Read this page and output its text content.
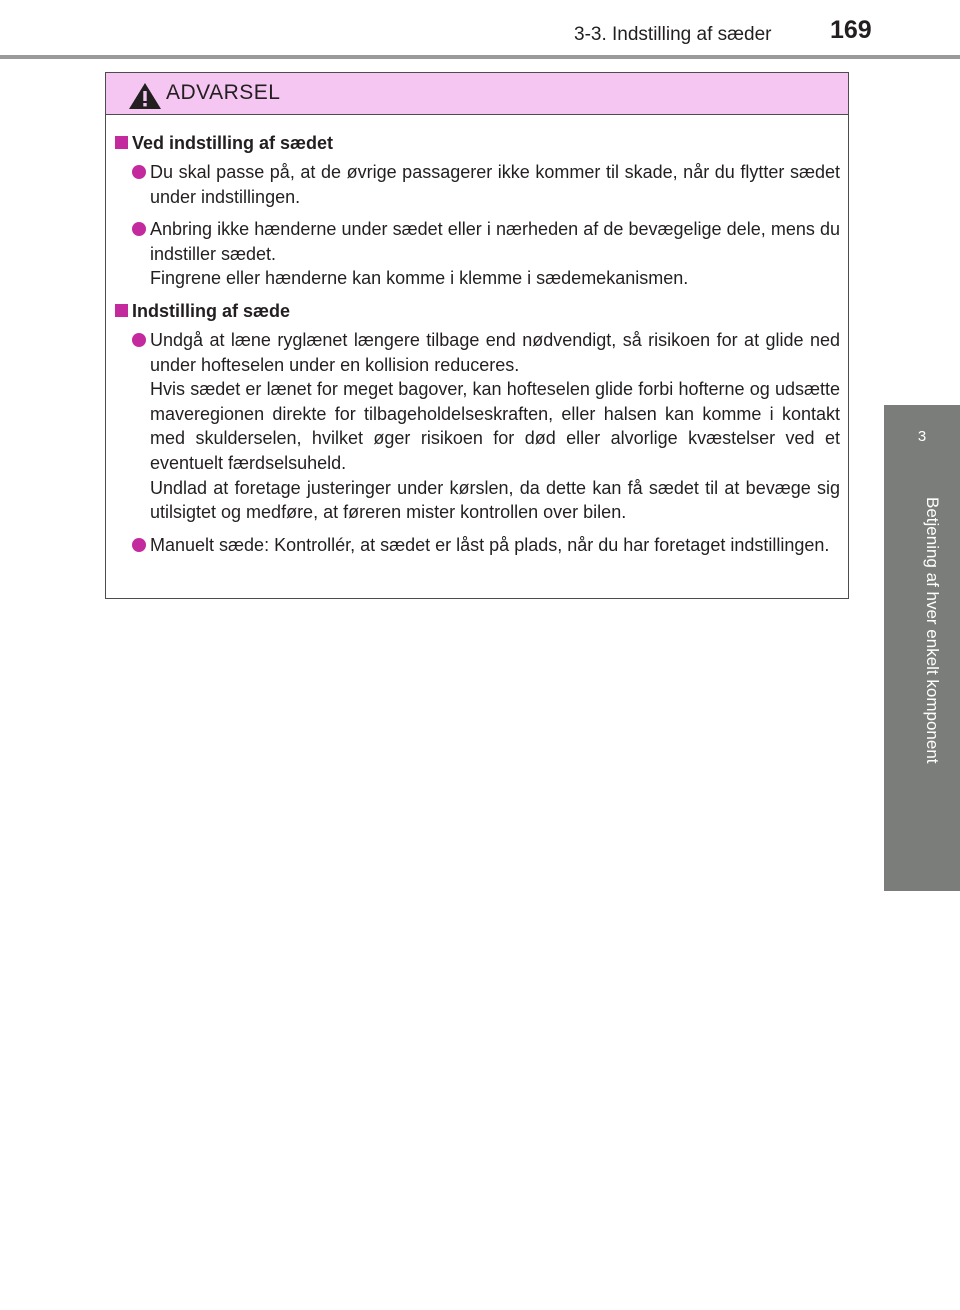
3-3. Indstilling af sæder 169
3
Betjening af hver enkelt komponent
ADVARSEL
Ved indstilling af sædet
Du skal passe på, at de øvrige passagerer ikke kommer til skade, når du flytter sædet under indstillingen.
Anbring ikke hænderne under sædet eller i nærheden af de bevægelige dele, mens du indstiller sædet.
Fingrene eller hænderne kan komme i klemme i sædemekanismen.
Indstilling af sæde
Undgå at læne ryglænet længere tilbage end nødvendigt, så risikoen for at glide ned under hofteselen under en kollision reduceres.
Hvis sædet er lænet for meget bagover, kan hofteselen glide forbi hofterne og udsætte maveregionen direkte for tilbageholdelseskraften, eller halsen kan komme i kontakt med skulderselen, hvilket øger risikoen for død eller alvorlige kvæstelser ved et eventuelt færdselsuheld.
Undlad at foretage justeringer under kørslen, da dette kan få sædet til at bevæge sig utilsigtet og medføre, at føreren mister kontrollen over bilen.
Manuelt sæde: Kontrollér, at sædet er låst på plads, når du har foretaget indstillingen.
